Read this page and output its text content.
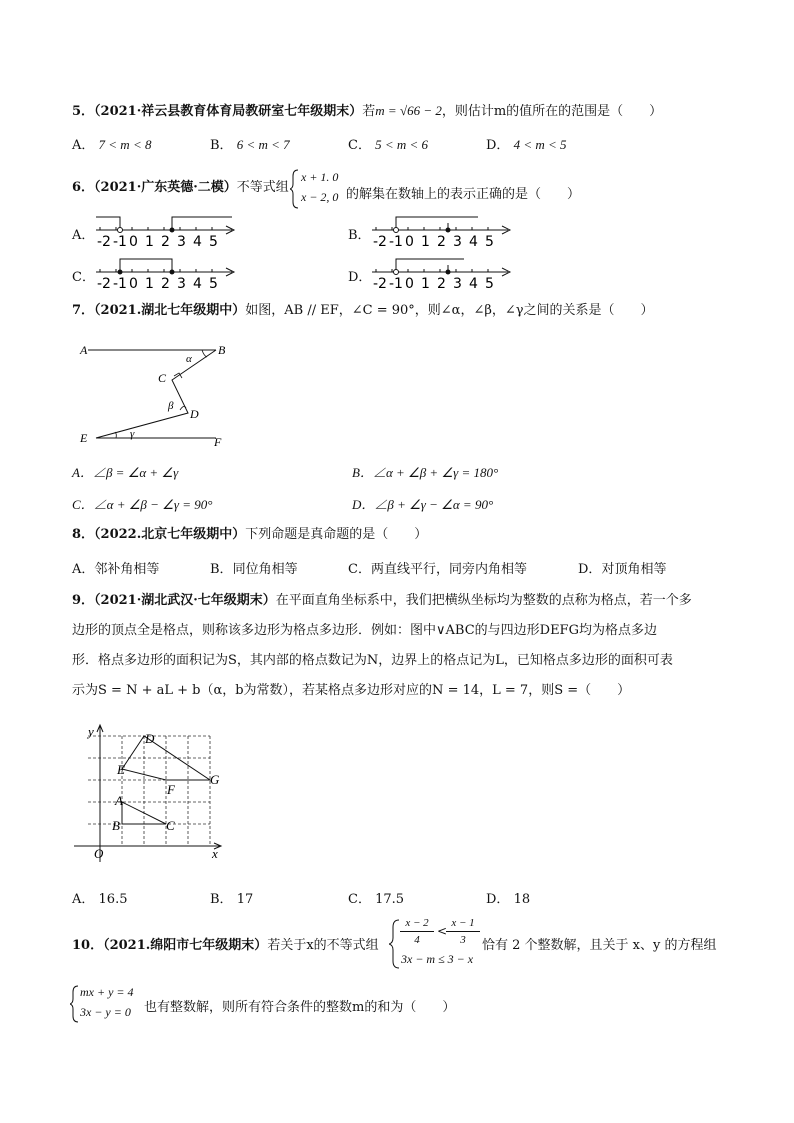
5．（2021·祥云县教育体育局教研室七年级期末）若m = √66 − 2，则估计m的值所在的范围是（　　）
A． 7 < m < 8	B． 6 < m < 7	C． 5 < m < 6	D． 4 < m < 5
6．（2021·广东英德·二模）不等式组
x + 1. 0
x − 2, 0 的解集在数轴上的表示正确的是（　　）
A．	B．
C．	D．
-2 -1 0 1 2 3 4 5	-2 -1 0 1 2 3 4 5
-2 -1 0 1 2 3 4 5	-2 -1 0 1 2 3 4 5
7．（2021.湖北七年级期中）如图，AB // EF，∠C = 90°，则∠α，∠β，∠γ之间的关系是（　　）
A	B
C
D
E	F
α
β
γ
A．∠β = ∠α + ∠γ	B．∠α + ∠β + ∠γ = 180°
C．∠α + ∠β − ∠γ = 90°	D．∠β + ∠γ − ∠α = 90°
8．（2022.北京七年级期中）下列命题是真命题的是（　　）
A．邻补角相等	B．同位角相等	C．两直线平行，同旁内角相等	D．对顶角相等
9．（2021·湖北武汉·七年级期末）在平面直角坐标系中，我们把横纵坐标均为整数的点称为格点，若一个多
边形的顶点全是格点，则称该多边形为格点多边形．例如：图中∨ABC的与四边形DEFG均为格点多边
形．格点多边形的面积记为S，其内部的格点数记为N，边界上的格点记为L，已知格点多边形的面积可表
示为S = N + aL + b（α，b为常数），若某格点多边形对应的N = 14，L = 7，则S =（　　）
y
x
O
D
E
F
G
A
B	C
A． 16.5	B． 17	C． 17.5	D． 18
10．（2021.绵阳市七年级期末）若关于x的不等式组
x − 2
4
<
x − 1
3
3x − m ≤ 3 − x
恰有 2 个整数解，且关于 x、y 的方程组
mx + y = 4
3x − y = 0 也有整数解，则所有符合条件的整数m的和为（　　）
